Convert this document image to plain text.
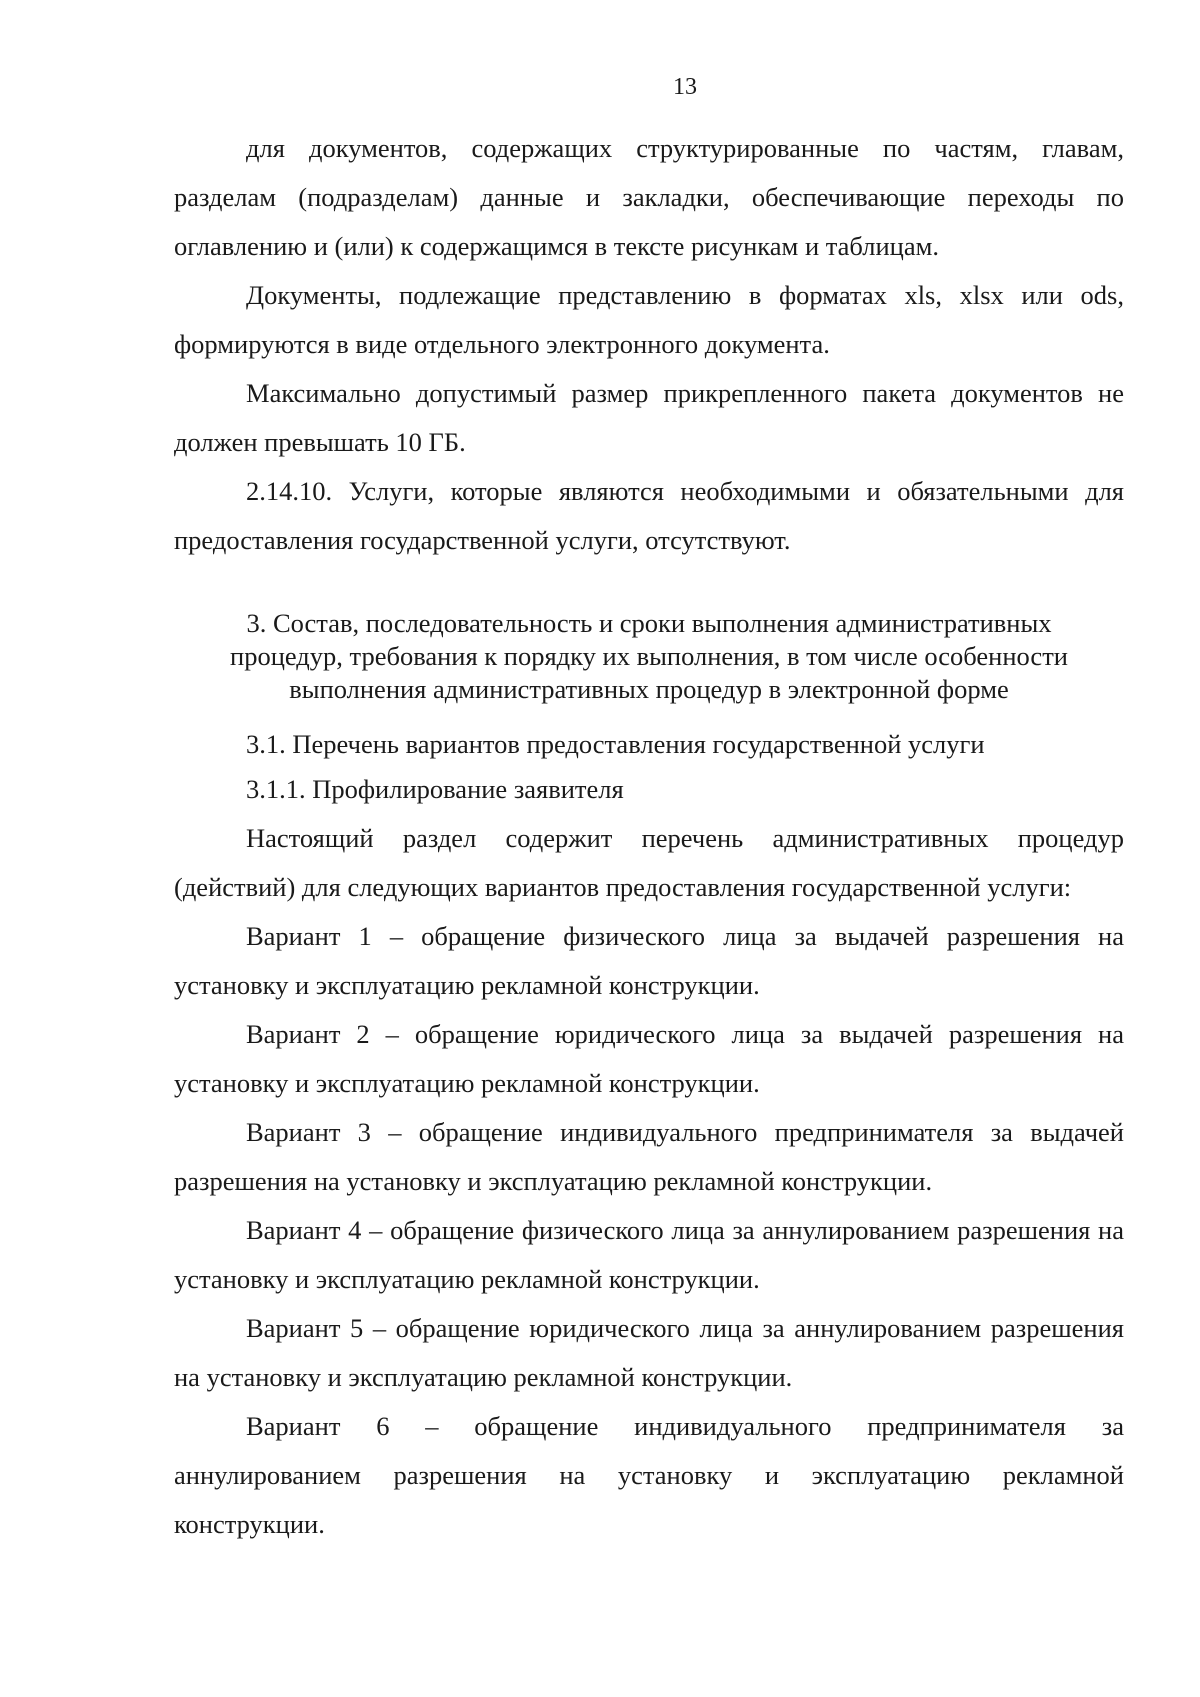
13

для документов, содержащих структурированные по частям, главам, разделам (подразделам) данные и закладки, обеспечивающие переходы по оглавлению и (или) к содержащимся в тексте рисункам и таблицам.

Документы, подлежащие представлению в форматах xls, xlsx или ods, формируются в виде отдельного электронного документа.

Максимально допустимый размер прикрепленного пакета документов не должен превышать 10 ГБ.

2.14.10. Услуги, которые являются необходимыми и обязательными для предоставления государственной услуги, отсутствуют.

3. Состав, последовательность и сроки выполнения административных
процедур, требования к порядку их выполнения, в том числе особенности
выполнения административных процедур в электронной форме

3.1. Перечень вариантов предоставления государственной услуги

3.1.1. Профилирование заявителя

Настоящий раздел содержит перечень административных процедур (действий) для следующих вариантов предоставления государственной услуги:

Вариант 1 – обращение физического лица за выдачей разрешения на установку и эксплуатацию рекламной конструкции.

Вариант 2 – обращение юридического лица за выдачей разрешения на установку и эксплуатацию рекламной конструкции.

Вариант 3 – обращение индивидуального предпринимателя за выдачей разрешения на установку и эксплуатацию рекламной конструкции.

Вариант 4 – обращение физического лица за аннулированием разрешения на установку и эксплуатацию рекламной конструкции.

Вариант 5 – обращение юридического лица за аннулированием разрешения на установку и эксплуатацию рекламной конструкции.

Вариант 6 – обращение индивидуального предпринимателя за аннулированием разрешения на установку и эксплуатацию рекламной конструкции.
